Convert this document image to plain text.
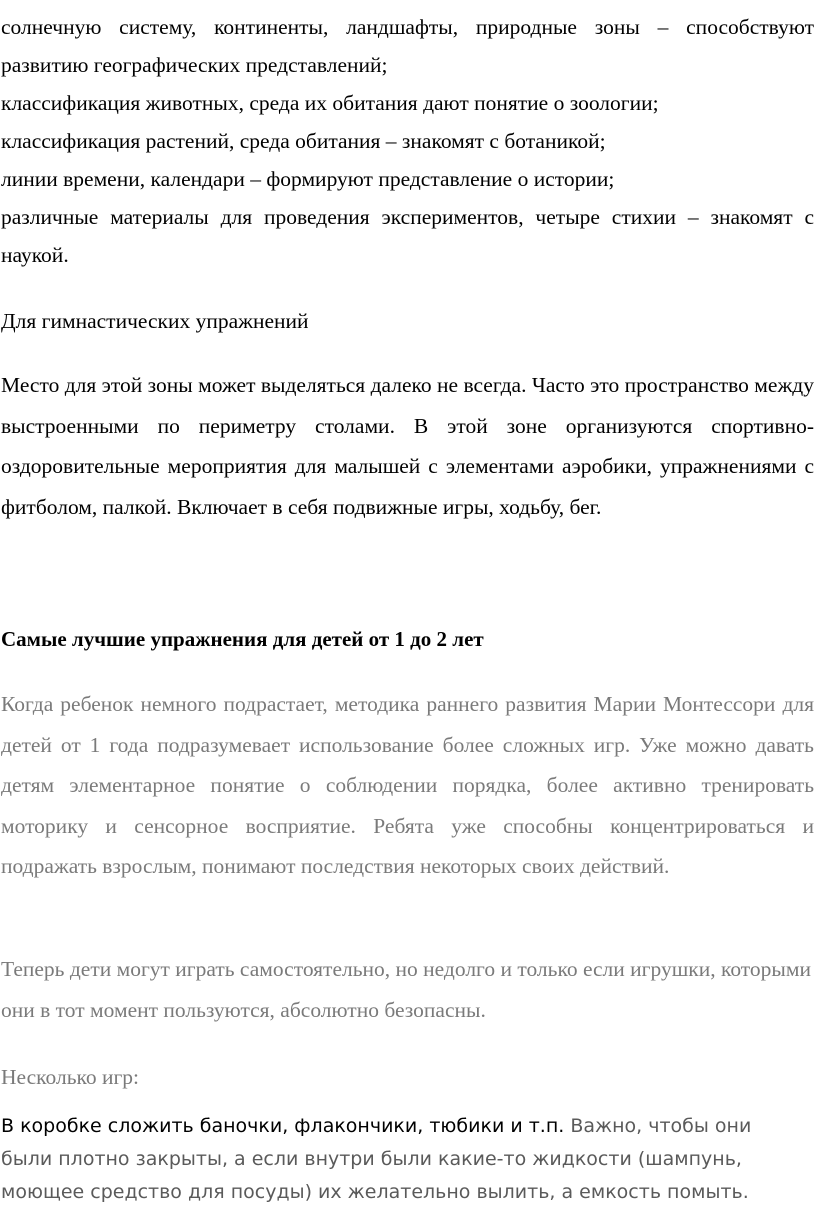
солнечную систему, континенты, ландшафты, природные зоны – способствуют развитию географических представлений;

классификация животных, среда их обитания дают понятие о зоологии;

классификация растений, среда обитания – знакомят с ботаникой;

линии времени, календари – формируют представление о истории;

различные материалы для проведения экспериментов, четыре стихии – знакомят с наукой.

Для гимнастических упражнений

Место для этой зоны может выделяться далеко не всегда. Часто это пространство между выстроенными по периметру столами. В этой зоне организуются спортивно-оздоровительные мероприятия для малышей с элементами аэробики, упражнениями с фитболом, палкой. Включает в себя подвижные игры, ходьбу, бег.

Самые лучшие упражнения для детей от 1 до 2 лет

Когда ребенок немного подрастает, методика раннего развития Марии Монтессори для детей от 1 года подразумевает использование более сложных игр. Уже можно давать детям элементарное понятие о соблюдении порядка, более активно тренировать моторику и сенсорное восприятие. Ребята уже способны концентрироваться и подражать взрослым, понимают последствия некоторых своих действий.

Теперь дети могут играть самостоятельно, но недолго и только если игрушки, которыми они в тот момент пользуются, абсолютно безопасны.

Несколько игр:

В коробке сложить баночки, флакончики, тюбики и т.п. Важно, чтобы они были плотно закрыты, а если внутри были какие-то жидкости (шампунь, моющее средство для посуды) их желательно вылить, а емкость помыть.
